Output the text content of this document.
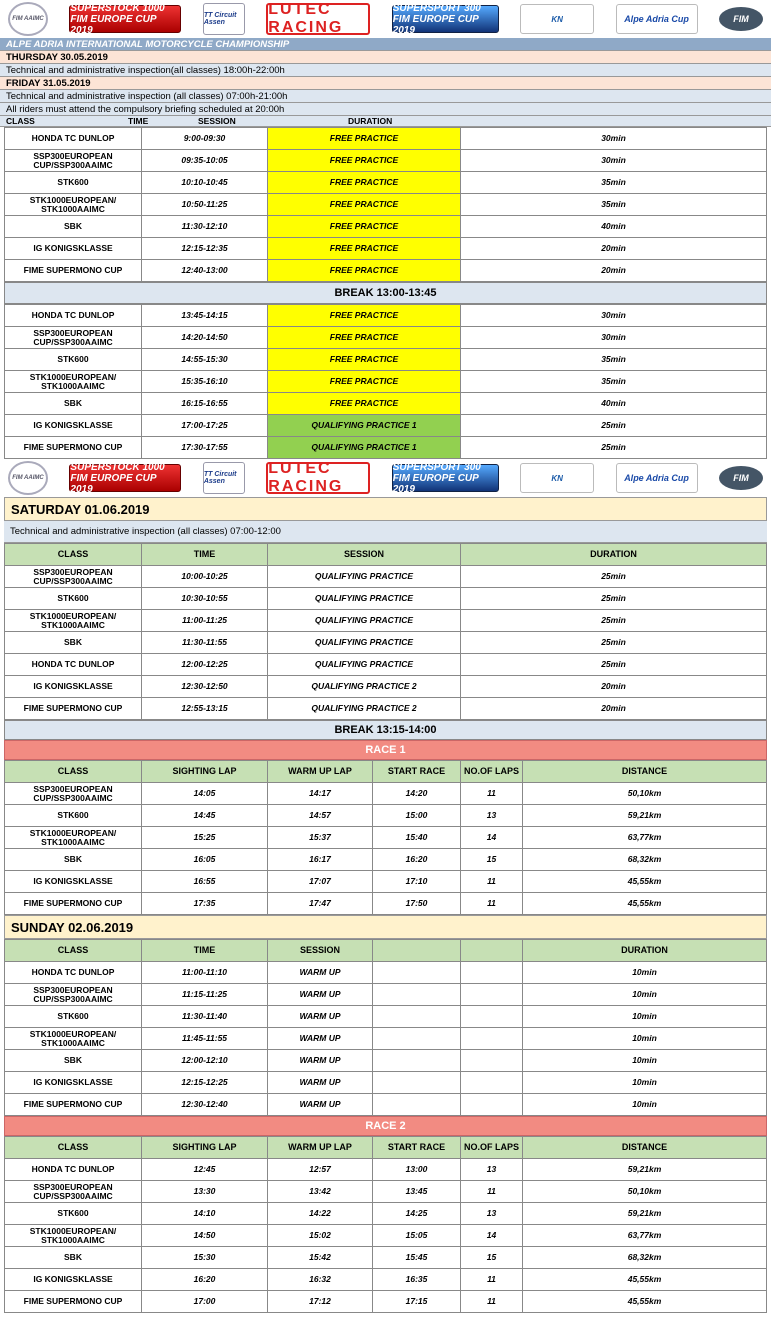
FIM AAIMC
SUPERSTOCK 1000 FIM EUROPE CUP 2019
TT Circuit Assen
LUTEC RACING
SUPERSPORT 300 FIM EUROPE CUP 2019
KN	Alpe Adria Cup	FIM
ALPE ADRIA INTERNATIONAL MOTORCYCLE CHAMPIONSHIP
THURSDAY 30.05.2019
Technical and administrative inspection(all classes) 18:00h-22:00h
FRIDAY 31.05.2019
Technical and administrative inspection (all classes) 07:00h-21:00h
All riders must attend the compulsory briefing scheduled at 20:00h
CLASS	TIME	SESSION	DURATION
HONDA TC DUNLOP	9:00-09:30	FREE PRACTICE	30min
SSP300EUROPEAN CUP/SSP300AAIMC	09:35-10:05	FREE PRACTICE	30min
STK600	10:10-10:45	FREE PRACTICE	35min
STK1000EUROPEAN/ STK1000AAIMC	10:50-11:25	FREE PRACTICE	35min
SBK	11:30-12:10	FREE PRACTICE	40min
IG KONIGSKLASSE	12:15-12:35	FREE PRACTICE	20min
FIME SUPERMONO CUP	12:40-13:00	FREE PRACTICE	20min
BREAK 13:00-13:45
HONDA TC DUNLOP	13:45-14:15	FREE PRACTICE	30min
SSP300EUROPEAN CUP/SSP300AAIMC	14:20-14:50	FREE PRACTICE	30min
STK600	14:55-15:30	FREE PRACTICE	35min
STK1000EUROPEAN/ STK1000AAIMC	15:35-16:10	FREE PRACTICE	35min
SBK	16:15-16:55	FREE PRACTICE	40min
IG KONIGSKLASSE	17:00-17:25	QUALIFYING PRACTICE 1	25min
FIME SUPERMONO CUP	17:30-17:55	QUALIFYING PRACTICE 1	25min
FIM AAIMC
SUPERSTOCK 1000 FIM EUROPE CUP 2019
TT Circuit Assen
LUTEC RACING
SUPERSPORT 300 FIM EUROPE CUP 2019
KN	Alpe Adria Cup	FIM
SATURDAY 01.06.2019
Technical and administrative inspection (all classes) 07:00-12:00
CLASS	TIME	SESSION	DURATION
SSP300EUROPEAN CUP/SSP300AAIMC	10:00-10:25	QUALIFYING PRACTICE	25min
STK600	10:30-10:55	QUALIFYING PRACTICE	25min
STK1000EUROPEAN/ STK1000AAIMC	11:00-11:25	QUALIFYING PRACTICE	25min
SBK	11:30-11:55	QUALIFYING PRACTICE	25min
HONDA TC DUNLOP	12:00-12:25	QUALIFYING PRACTICE	25min
IG KONIGSKLASSE	12:30-12:50	QUALIFYING PRACTICE 2	20min
FIME SUPERMONO CUP	12:55-13:15	QUALIFYING PRACTICE 2	20min
BREAK 13:15-14:00
RACE 1
CLASS	SIGHTING LAP	WARM UP LAP	START RACE	NO.OF LAPS	DISTANCE
SSP300EUROPEAN CUP/SSP300AAIMC	14:05	14:17	14:20	11	50,10km
STK600	14:45	14:57	15:00	13	59,21km
STK1000EUROPEAN/ STK1000AAIMC	15:25	15:37	15:40	14	63,77km
SBK	16:05	16:17	16:20	15	68,32km
IG KONIGSKLASSE	16:55	17:07	17:10	11	45,55km
FIME SUPERMONO CUP	17:35	17:47	17:50	11	45,55km
SUNDAY 02.06.2019
CLASS	TIME	SESSION			DURATION
HONDA TC DUNLOP	11:00-11:10	WARM UP			10min
SSP300EUROPEAN CUP/SSP300AAIMC	11:15-11:25	WARM UP			10min
STK600	11:30-11:40	WARM UP			10min
STK1000EUROPEAN/ STK1000AAIMC	11:45-11:55	WARM UP			10min
SBK	12:00-12:10	WARM UP			10min
IG KONIGSKLASSE	12:15-12:25	WARM UP			10min
FIME SUPERMONO CUP	12:30-12:40	WARM UP			10min
RACE 2
CLASS	SIGHTING LAP	WARM UP LAP	START RACE	NO.OF LAPS	DISTANCE
HONDA TC DUNLOP	12:45	12:57	13:00	13	59,21km
SSP300EUROPEAN CUP/SSP300AAIMC	13:30	13:42	13:45	11	50,10km
STK600	14:10	14:22	14:25	13	59,21km
STK1000EUROPEAN/ STK1000AAIMC	14:50	15:02	15:05	14	63,77km
SBK	15:30	15:42	15:45	15	68,32km
IG KONIGSKLASSE	16:20	16:32	16:35	11	45,55km
FIME SUPERMONO CUP	17:00	17:12	17:15	11	45,55km
